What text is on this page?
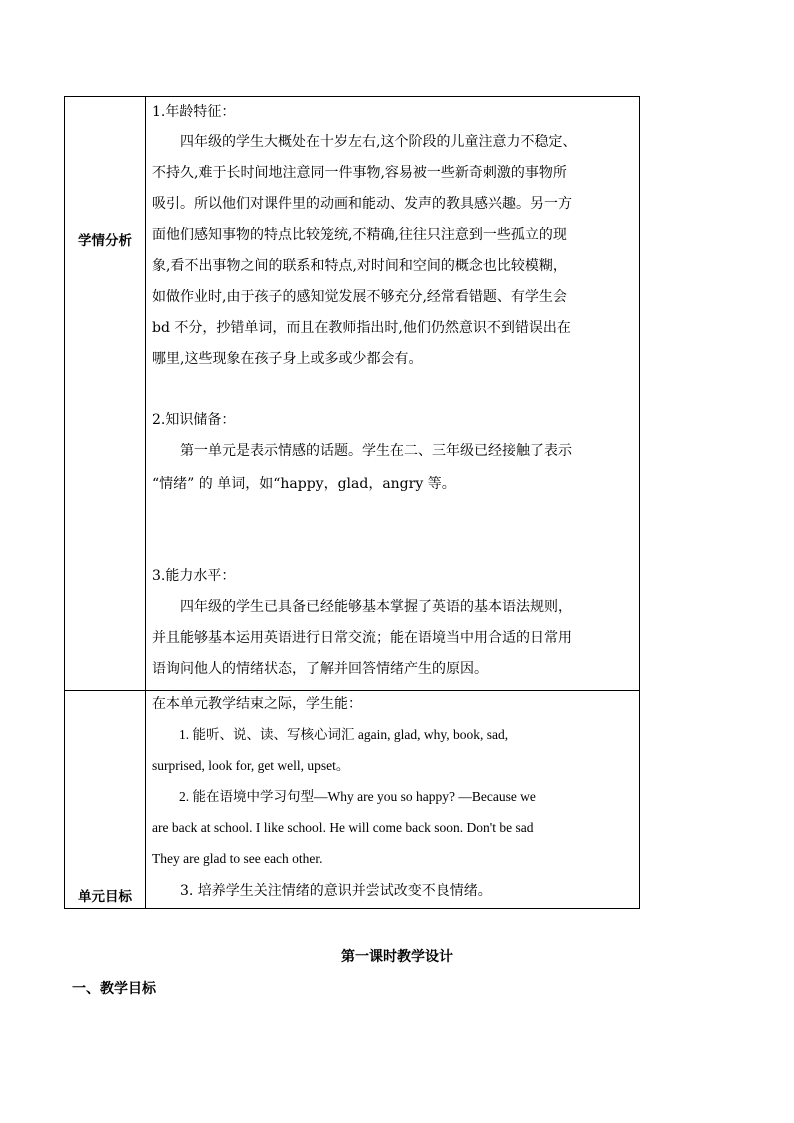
学情分析
单元目标
1.年龄特征：
　　四年级的学生大概处在十岁左右,这个阶段的儿童注意力不稳定、
不持久,难于长时间地注意同一件事物,容易被一些新奇刺激的事物所
吸引。所以他们对课件里的动画和能动、发声的教具感兴趣。另一方
面他们感知事物的特点比较笼统,不精确,往往只注意到一些孤立的现
象,看不出事物之间的联系和特点,对时间和空间的概念也比较模糊，
如做作业时,由于孩子的感知觉发展不够充分,经常看错题、有学生会
bd 不分，抄错单词，而且在教师指出时,他们仍然意识不到错误出在
哪里,这些现象在孩子身上或多或少都会有。
2.知识储备：
　　第一单元是表示情感的话题。学生在二、三年级已经接触了表示
“情绪” 的 单词，如“happy，glad，angry 等。
3.能力水平：
　　四年级的学生已具备已经能够基本掌握了英语的基本语法规则，
并且能够基本运用英语进行日常交流；能在语境当中用合适的日常用
语询问他人的情绪状态，了解并回答情绪产生的原因。
在本单元教学结束之际，学生能：
　　1. 能听、说、读、写核心词汇 again, glad, why, book, sad,
surprised, look for, get well, upset。
　　2. 能在语境中学习句型—Why are you so happy? —Because we
are back at school. I like school. He will come back soon. Don't be sad
They are glad to see each other.
　　3. 培养学生关注情绪的意识并尝试改变不良情绪。
第一课时教学设计
一、教学目标
